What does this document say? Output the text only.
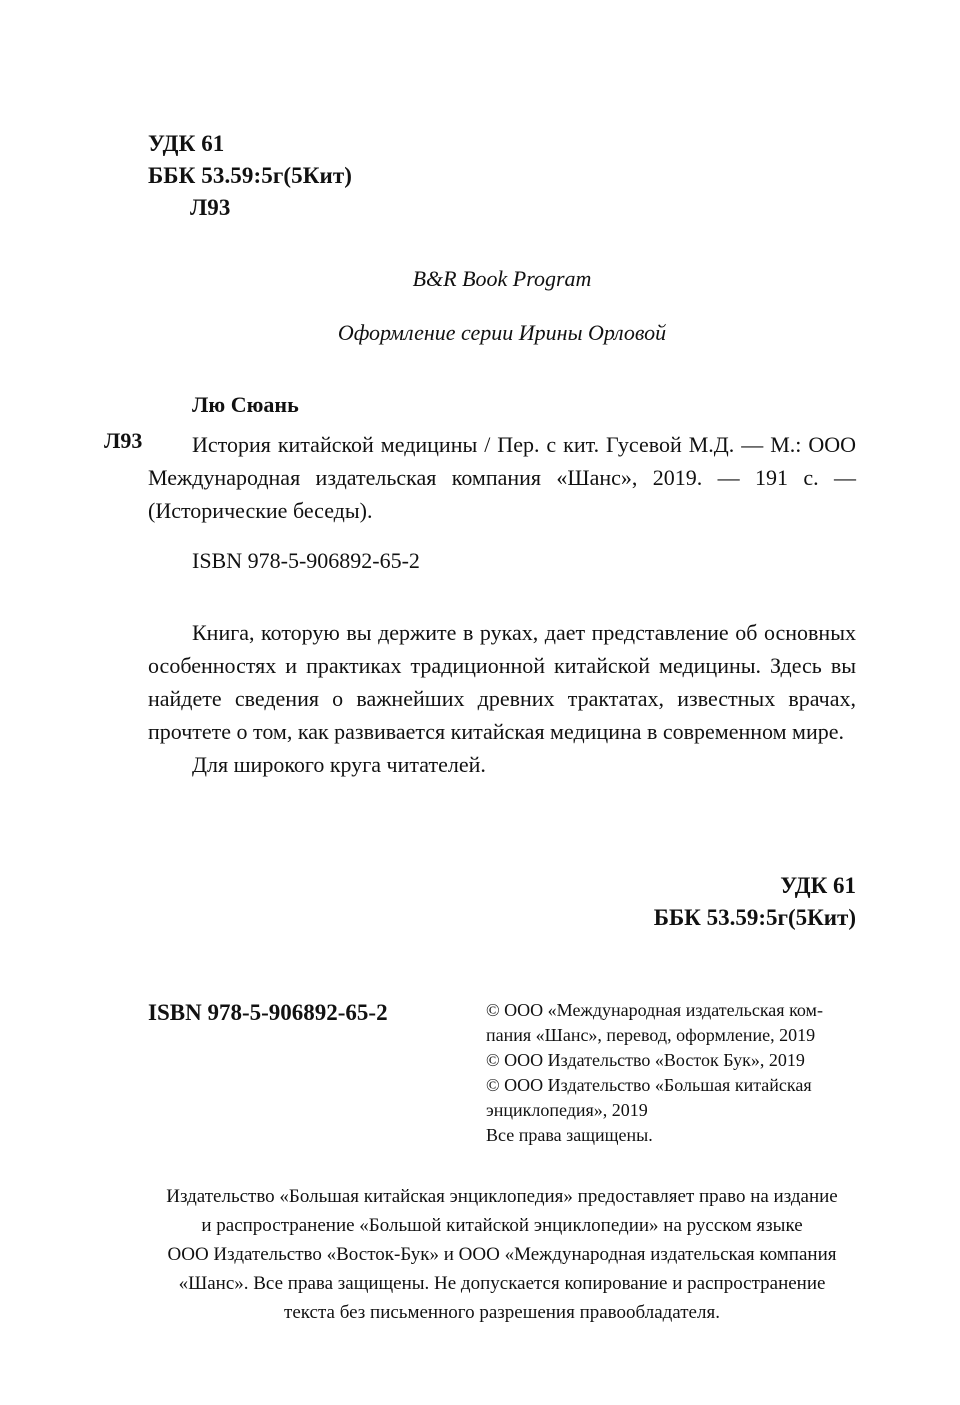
УДК 61
ББК 53.59:5г(5Кит)
Л93
B&R Book Program
Оформление серии Ирины Орловой
Лю Сюань
Л93	История китайской медицины / Пер. с кит. Гусевой М.Д. — М.: ООО Международная издательская компания «Шанс», 2019. — 191 с. — (Исторические беседы).
ISBN 978-5-906892-65-2

Книга, которую вы держите в руках, дает представление об основных особенностях и практиках традиционной китайской медицины. Здесь вы найдете сведения о важнейших древних трактатах, известных врачах, прочтете о том, как развивается китайская медицина в современном мире.

Для широкого круга читателей.

УДК 61
ББК 53.59:5г(5Кит)
ISBN 978-5-906892-65-2	© ООО «Международная издательская ком-
пания «Шанс», перевод, оформление, 2019
© ООО Издательство «Восток Бук», 2019
© ООО Издательство «Большая китайская
энциклопедия», 2019
Все права защищены.
Издательство «Большая китайская энциклопедия» предоставляет право на издание
и распространение «Большой китайской энциклопедии» на русском языке
ООО Издательство «Восток-Бук» и ООО «Международная издательская компания
«Шанс». Все права защищены. Не допускается копирование и распространение
текста без письменного разрешения правообладателя.
